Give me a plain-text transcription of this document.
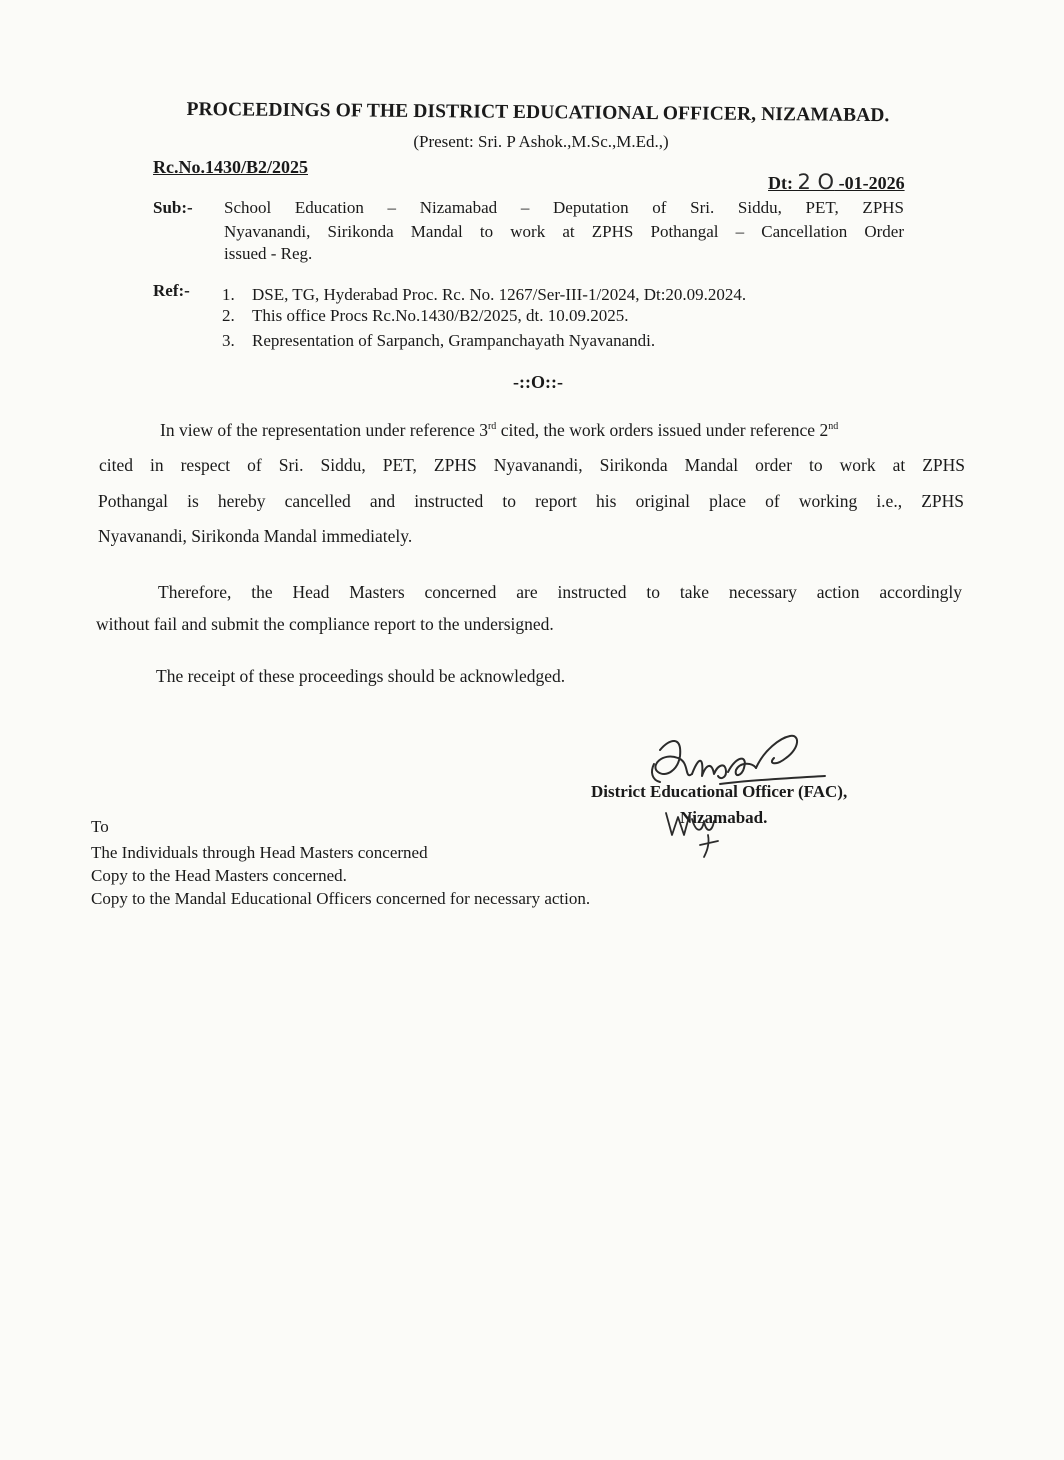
PROCEEDINGS OF THE DISTRICT EDUCATIONAL OFFICER, NIZAMABAD.
(Present: Sri. P Ashok.,M.Sc.,M.Ed.,)
Rc.No.1430/B2/2025
Dt: 2 O -01-2026
Sub:- School Education – Nizamabad – Deputation of Sri. Siddu, PET, ZPHS
Nyavanandi, Sirikonda Mandal to work at ZPHS Pothangal – Cancellation Order
issued - Reg.
Ref:- 1. DSE, TG, Hyderabad Proc. Rc. No. 1267/Ser-III-1/2024, Dt:20.09.2024.
2. This office Procs Rc.No.1430/B2/2025, dt. 10.09.2025.
3. Representation of Sarpanch, Grampanchayath Nyavanandi.
-::O::-
In view of the representation under reference 3rd cited, the work orders issued under reference 2nd
cited in respect of Sri. Siddu, PET, ZPHS Nyavanandi, Sirikonda Mandal order to work at ZPHS
Pothangal is hereby cancelled and instructed to report his original place of working i.e., ZPHS
Nyavanandi, Sirikonda Mandal immediately.
Therefore, the Head Masters concerned are instructed to take necessary action accordingly
without fail and submit the compliance report to the undersigned.
The receipt of these proceedings should be acknowledged.
District Educational Officer (FAC),
Nizamabad.
To
The Individuals through Head Masters concerned
Copy to the Head Masters concerned.
Copy to the Mandal Educational Officers concerned for necessary action.
